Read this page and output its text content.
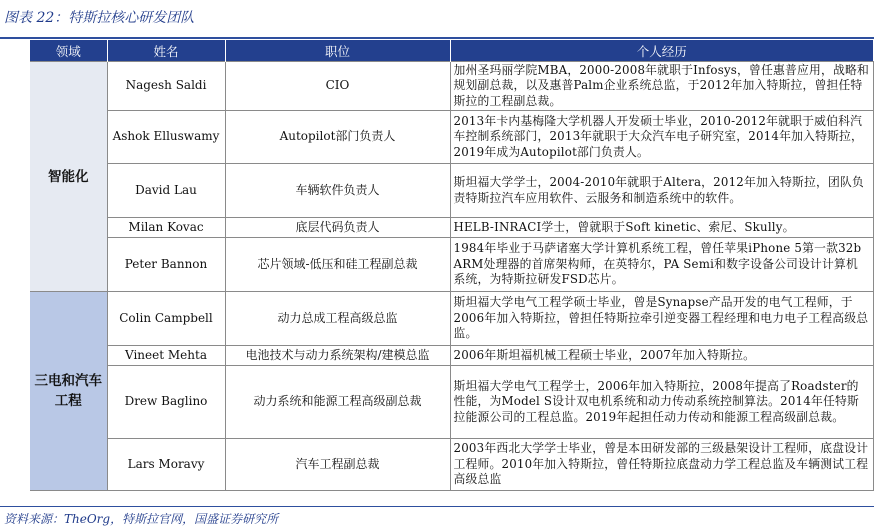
图表 22：特斯拉核心研发团队
领域	姓名	职位	个人经历
智能化	Nagesh Saldi	CIO	加州圣玛丽学院MBA，2000-2008年就职于Infosys，曾任惠普应用，战略和规划副总裁，以及惠普Palm企业系统总监，于2012年加入特斯拉，曾担任特斯拉的工程副总裁。
	Ashok Elluswamy	Autopilot部门负责人	2013年卡内基梅隆大学机器人开发硕士毕业，2010-2012年就职于威伯科汽车控制系统部门，2013年就职于大众汽车电子研究室，2014年加入特斯拉，2019年成为Autopilot部门负责人。
	David Lau	车辆软件负责人	斯坦福大学学士，2004-2010年就职于Altera，2012年加入特斯拉，团队负责特斯拉汽车应用软件、云服务和制造系统中的软件。
	Milan Kovac	底层代码负责人	HELB-INRACI学士，曾就职于Soft kinetic、索尼、Skully。
	Peter Bannon	芯片领域-低压和硅工程副总裁	1984年毕业于马萨诸塞大学计算机系统工程，曾任苹果iPhone 5第一款32b ARM处理器的首席架构师，在英特尔，PA Semi和数字设备公司设计计算机系统，为特斯拉研发FSD芯片。
三电和汽车工程	Colin Campbell	动力总成工程高级总监	斯坦福大学电气工程学硕士毕业，曾是Synapse产品开发的电气工程师，于2006年加入特斯拉，曾担任特斯拉牵引逆变器工程经理和电力电子工程高级总监。
	Vineet Mehta	电池技术与动力系统架构/建模总监	2006年斯坦福机械工程硕士毕业，2007年加入特斯拉。
	Drew Baglino	动力系统和能源工程高级副总裁	斯坦福大学电气工程学士，2006年加入特斯拉，2008年提高了Roadster的性能，为Model S设计双电机系统和动力传动系统控制算法。2014年任特斯拉能源公司的工程总监。2019年起担任动力传动和能源工程高级副总裁。
	Lars Moravy	汽车工程副总裁	2003年西北大学学士毕业，曾是本田研发部的三级悬架设计工程师，底盘设计工程师。2010年加入特斯拉，曾任特斯拉底盘动力学工程总监及车辆测试工程高级总监
资料来源：TheOrg，特斯拉官网，国盛证券研究所
